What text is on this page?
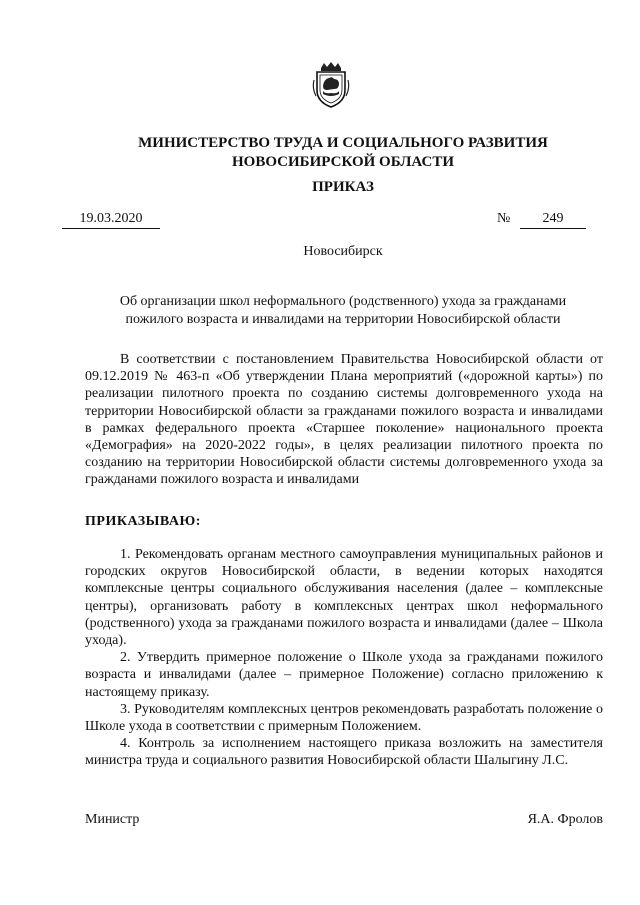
МИНИСТЕРСТВО ТРУДА И СОЦИАЛЬНОГО РАЗВИТИЯ
НОВОСИБИРСКОЙ ОБЛАСТИ
ПРИКАЗ
19.03.2020	№	249
Новосибирск
Об организации школ неформального (родственного) ухода за гражданами пожилого возраста и инвалидами на территории Новосибирской области

В соответствии с постановлением Правительства Новосибирской области от 09.12.2019 № 463-п «Об утверждении Плана мероприятий («дорожной карты») по реализации пилотного проекта по созданию системы долговременного ухода на территории Новосибирской области за гражданами пожилого возраста и инвалидами в рамках федерального проекта «Старшее поколение» национального проекта «Демография» на 2020-2022 годы», в целях реализации пилотного проекта по созданию на территории Новосибирской области системы долговременного ухода за гражданами пожилого возраста и инвалидами

ПРИКАЗЫВАЮ:

1. Рекомендовать органам местного самоуправления муниципальных районов и городских округов Новосибирской области, в ведении которых находятся комплексные центры социального обслуживания населения (далее – комплексные центры), организовать работу в комплексных центрах школ неформального (родственного) ухода за гражданами пожилого возраста и инвалидами (далее – Школа ухода).

2. Утвердить примерное положение о Школе ухода за гражданами пожилого возраста и инвалидами (далее – примерное Положение) согласно приложению к настоящему приказу.

3. Руководителям комплексных центров рекомендовать разработать положение о Школе ухода в соответствии с примерным Положением.

4. Контроль за исполнением настоящего приказа возложить на заместителя министра труда и социального развития Новосибирской области Шалыгину Л.С.

Министр	Я.А. Фролов
